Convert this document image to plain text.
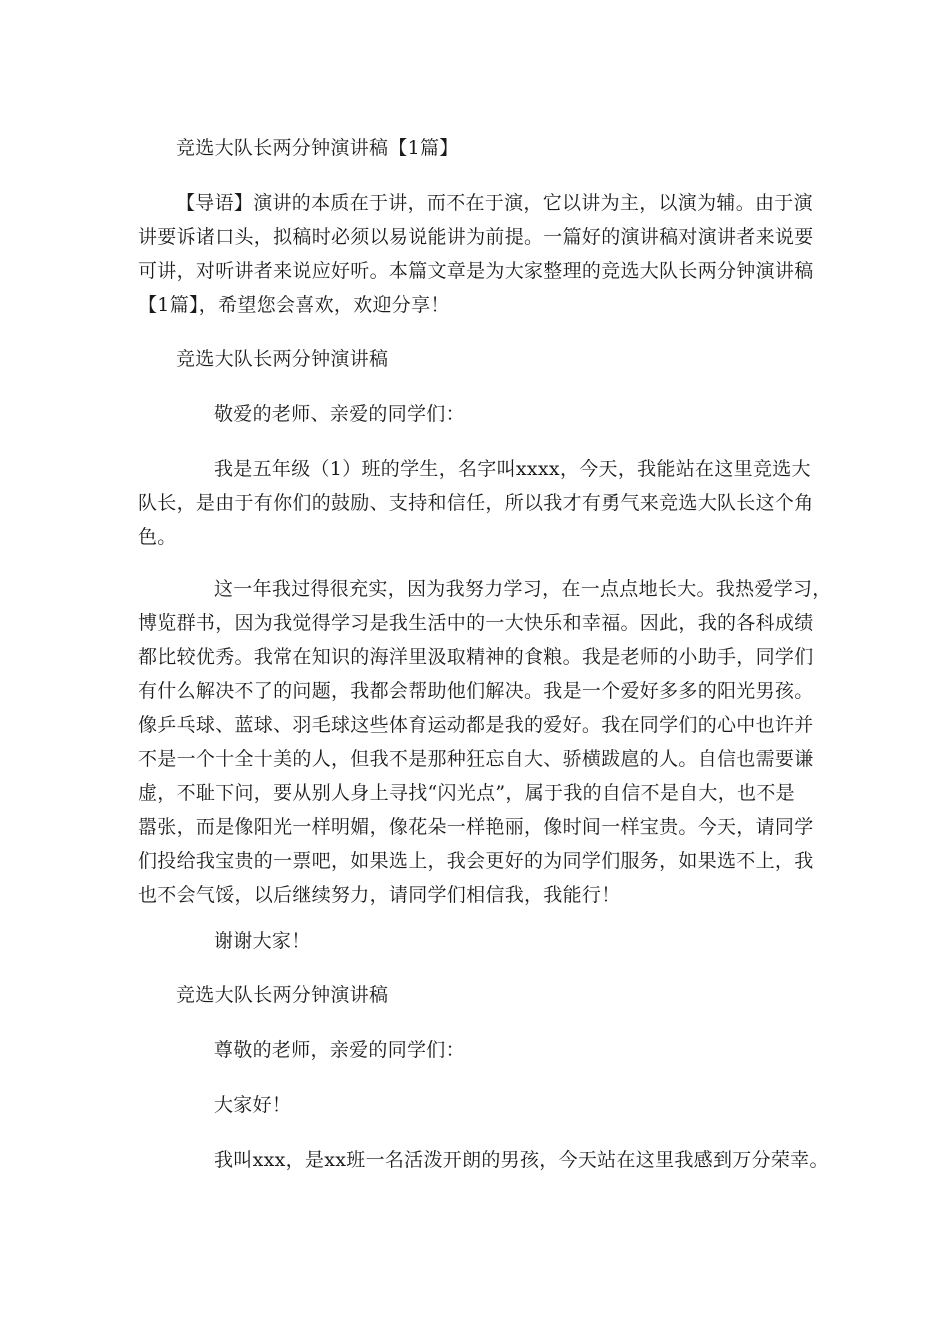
竞选大队长两分钟演讲稿【1篇】
【导语】演讲的本质在于讲，而不在于演，它以讲为主，以演为辅。由于演
讲要诉诸口头，拟稿时必须以易说能讲为前提。一篇好的演讲稿对演讲者来说要
可讲，对听讲者来说应好听。本篇文章是为大家整理的竞选大队长两分钟演讲稿
【1篇】，希望您会喜欢，欢迎分享！
竞选大队长两分钟演讲稿
敬爱的老师、亲爱的同学们：
我是五年级（1）班的学生，名字叫xxxx，今天，我能站在这里竞选大
队长，是由于有你们的鼓励、支持和信任，所以我才有勇气来竞选大队长这个角
色。
这一年我过得很充实，因为我努力学习，在一点点地长大。我热爱学习，
博览群书，因为我觉得学习是我生活中的一大快乐和幸福。因此，我的各科成绩
都比较优秀。我常在知识的海洋里汲取精神的食粮。我是老师的小助手，同学们
有什么解决不了的问题，我都会帮助他们解决。我是一个爱好多多的阳光男孩。
像乒乓球、蓝球、羽毛球这些体育运动都是我的爱好。我在同学们的心中也许并
不是一个十全十美的人，但我不是那种狂忘自大、骄横跋扈的人。自信也需要谦
虚，不耻下问，要从别人身上寻找“闪光点”，属于我的自信不是自大，也不是
嚣张，而是像阳光一样明媚，像花朵一样艳丽，像时间一样宝贵。今天，请同学
们投给我宝贵的一票吧，如果选上，我会更好的为同学们服务，如果选不上，我
也不会气馁，以后继续努力，请同学们相信我，我能行！
谢谢大家！
竞选大队长两分钟演讲稿
尊敬的老师，亲爱的同学们：
大家好！
我叫xxx，是xx班一名活泼开朗的男孩，今天站在这里我感到万分荣幸。
